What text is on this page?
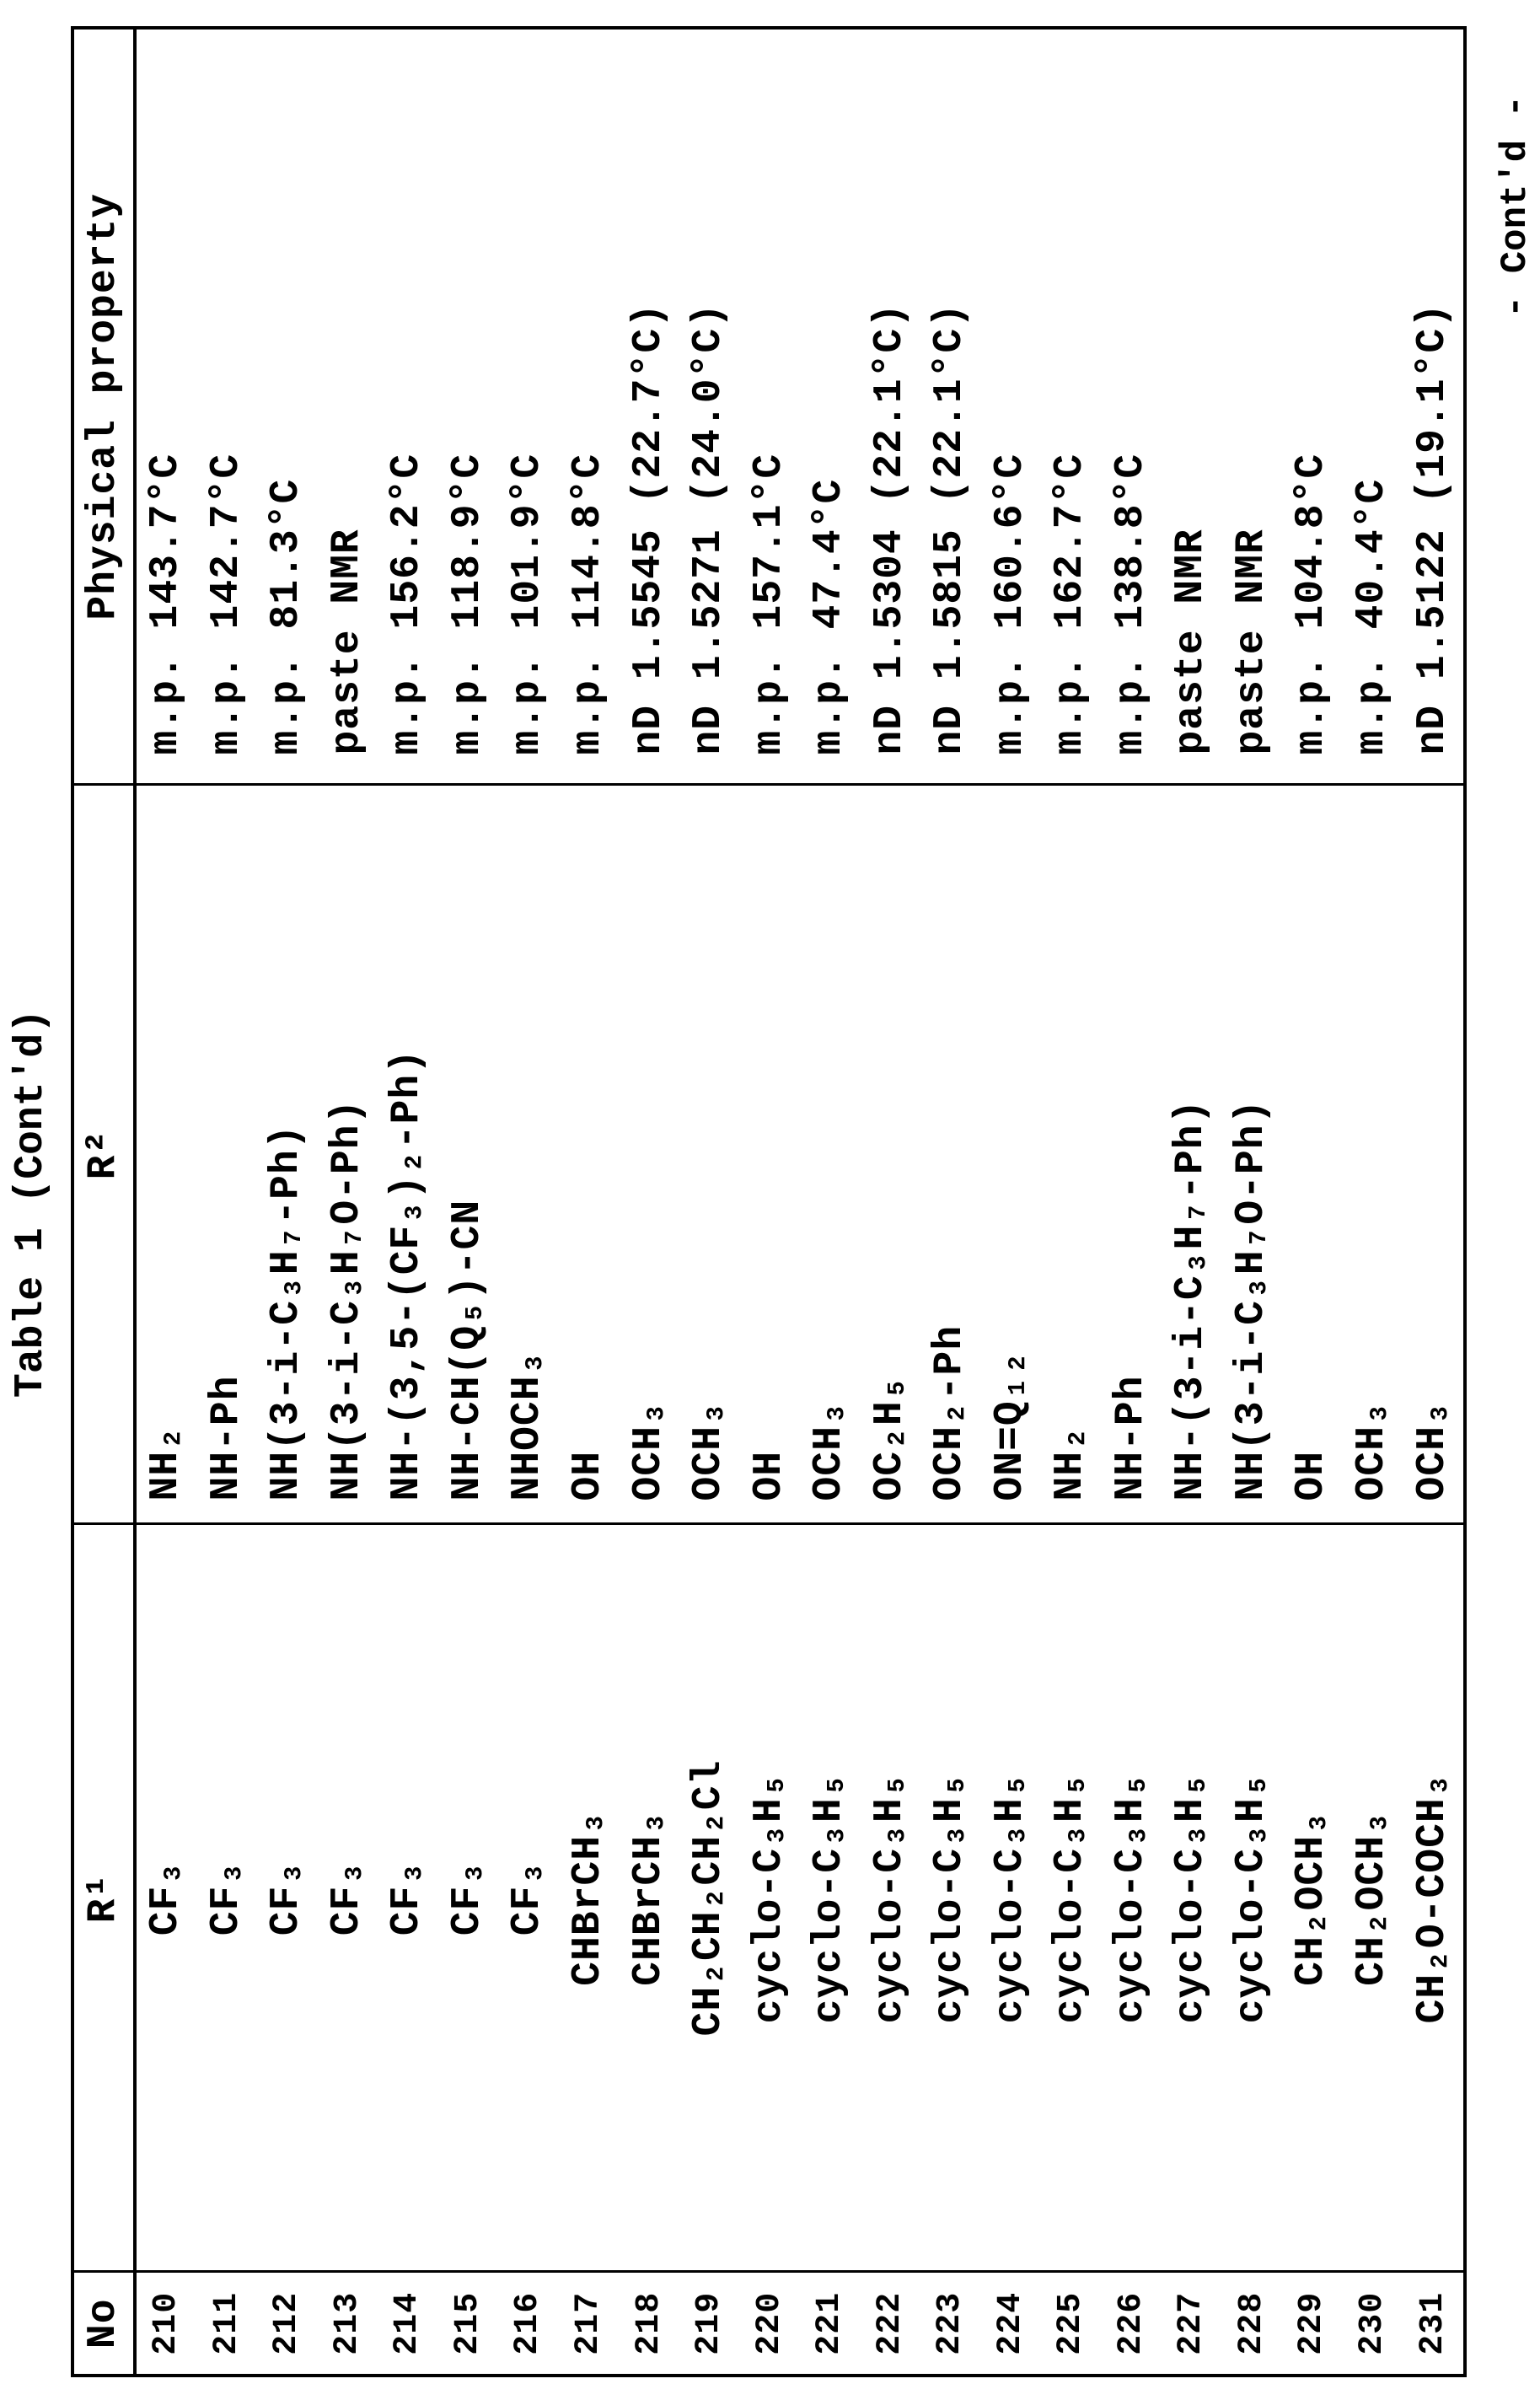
Table 1 (Cont'd)
No	R¹	R²	Physical property
210	CF₃	NH₂	m.p. 143.7°C
211	CF₃	NH-Ph	m.p. 142.7°C
212	CF₃	NH(3-i-C₃H₇-Ph)	m.p. 81.3°C
213	CF₃	NH(3-i-C₃H₇O-Ph)	paste NMR
214	CF₃	NH-(3,5-(CF₃)₂-Ph)	m.p. 156.2°C
215	CF₃	NH-CH(Q₅)-CN	m.p. 118.9°C
216	CF₃	NHOCH₃	m.p. 101.9°C
217	CHBrCH₃	OH	m.p. 114.8°C
218	CHBrCH₃	OCH₃	nD 1.5545 (22.7°C)
219	CH₂CH₂CH₂Cl	OCH₃	nD 1.5271 (24.0°C)
220	cyclo-C₃H₅	OH	m.p. 157.1°C
221	cyclo-C₃H₅	OCH₃	m.p. 47.4°C
222	cyclo-C₃H₅	OC₂H₅	nD 1.5304 (22.1°C)
223	cyclo-C₃H₅	OCH₂-Ph	nD 1.5815 (22.1°C)
224	cyclo-C₃H₅	ON=Q₁₂	m.p. 160.6°C
225	cyclo-C₃H₅	NH₂	m.p. 162.7°C
226	cyclo-C₃H₅	NH-Ph	m.p. 138.8°C
227	cyclo-C₃H₅	NH-(3-i-C₃H₇-Ph)	paste NMR
228	cyclo-C₃H₅	NH(3-i-C₃H₇O-Ph)	paste NMR
229	CH₂OCH₃	OH	m.p. 104.8°C
230	CH₂OCH₃	OCH₃	m.p. 40.4°C
231	CH₂O-COCH₃	OCH₃	nD 1.5122 (19.1°C)
- Cont'd -
